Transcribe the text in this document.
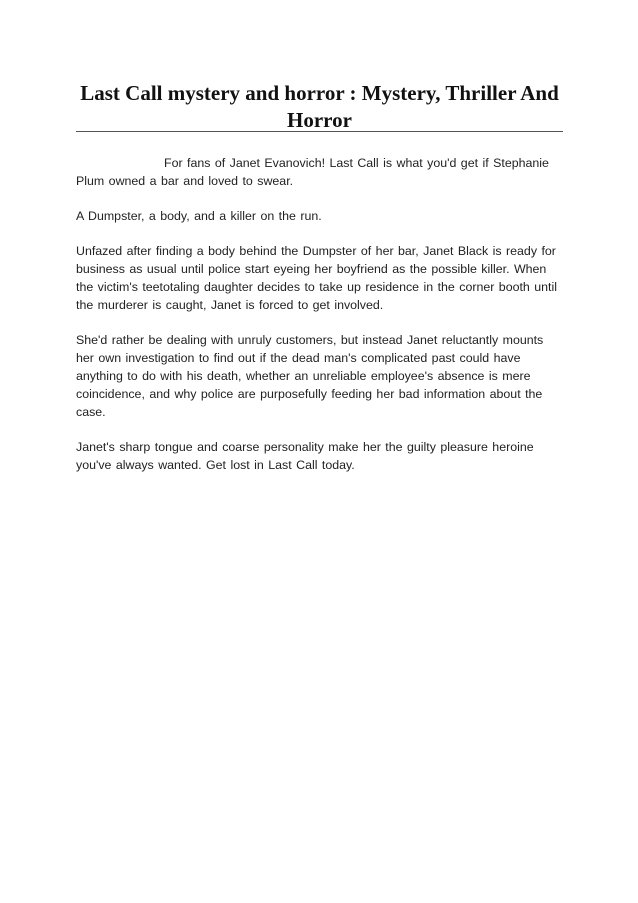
Last Call mystery and horror : Mystery, Thriller And Horror

For fans of Janet Evanovich! Last Call is what you'd get if Stephanie Plum owned a bar and loved to swear.

A Dumpster, a body, and a killer on the run.

Unfazed after finding a body behind the Dumpster of her bar, Janet Black is ready for business as usual until police start eyeing her boyfriend as the possible killer. When the victim's teetotaling daughter decides to take up residence in the corner booth until the murderer is caught, Janet is forced to get involved.

She'd rather be dealing with unruly customers, but instead Janet reluctantly mounts her own investigation to find out if the dead man's complicated past could have anything to do with his death, whether an unreliable employee's absence is mere coincidence, and why police are purposefully feeding her bad information about the case.

Janet's sharp tongue and coarse personality make her the guilty pleasure heroine you've always wanted. Get lost in Last Call today.
